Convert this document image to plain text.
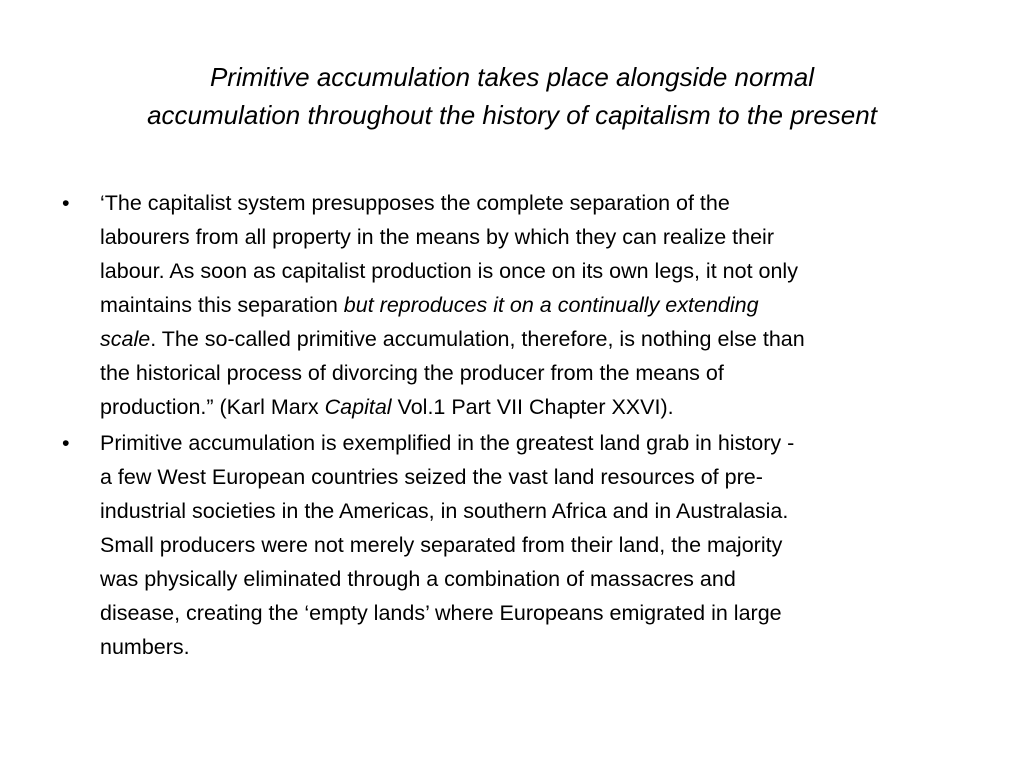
Primitive accumulation takes place alongside normal
accumulation throughout the history of capitalism to the present
•	‘The capitalist system presupposes the complete separation of the
labourers from all property in the means by which they can realize their
labour. As soon as capitalist production is once on its own legs, it not only
maintains this separation but reproduces it on a continually extending
scale. The so-called primitive accumulation, therefore, is nothing else than
the historical process of divorcing the producer from the means of
production.” (Karl Marx Capital Vol.1 Part VII Chapter XXVI).
•	Primitive accumulation is exemplified in the greatest land grab in history -
a few West European countries seized the vast land resources of pre-
industrial societies in the Americas, in southern Africa and in Australasia.
Small producers were not merely separated from their land, the majority
was physically eliminated through a combination of massacres and
disease, creating the ‘empty lands’ where Europeans emigrated in large
numbers.
